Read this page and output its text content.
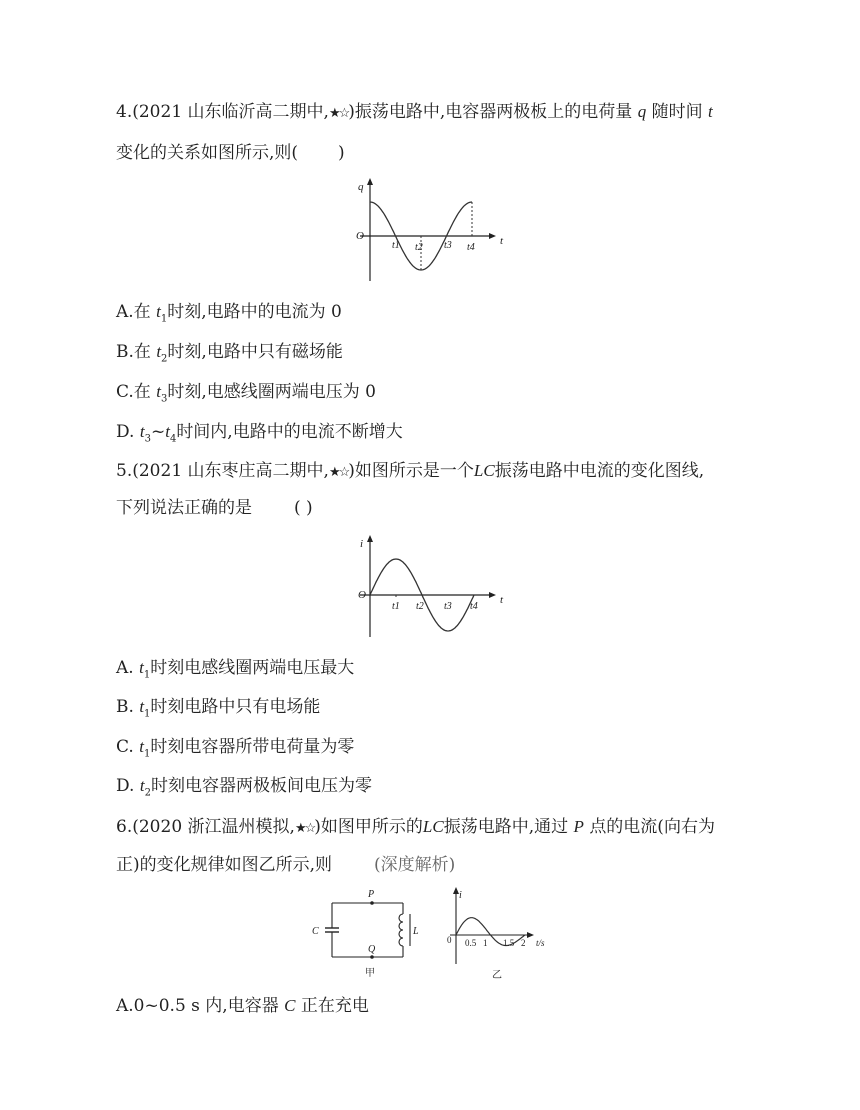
4.(2021 山东临沂高二期中,★☆)振荡电路中,电容器两极板上的电荷量 q 随时间 t
变化的关系如图所示,则( )
q
t
O
t1 t2 t3 t4
A.在 $t_1$时刻,电路中的电流为 0
B.在 $t_2$时刻,电路中只有磁场能
C.在 $t_3$时刻,电感线圈两端电压为 0
D. $t_3\sim t_4$时间内,电路中的电流不断增大
5.(2021 山东枣庄高二期中,★☆)如图所示是一个LC振荡电路中电流的变化图线,
下列说法正确的是 ( )
i
t
O
t1 t2 t3 t4
A. $t_1$时刻电感线圈两端电压最大
B. $t_1$时刻电路中只有电场能
C. $t_1$时刻电容器所带电荷量为零
D. $t_2$时刻电容器两极板间电压为零
6.(2020 浙江温州模拟,★☆)如图甲所示的LC振荡电路中,通过 P 点的电流(向右为
正)的变化规律如图乙所示,则 (深度解析)
C	L
P
Q
甲
i
t/s
0 0.5 1 1.5 2
乙
A.0~0.5 s 内,电容器 C 正在充电
